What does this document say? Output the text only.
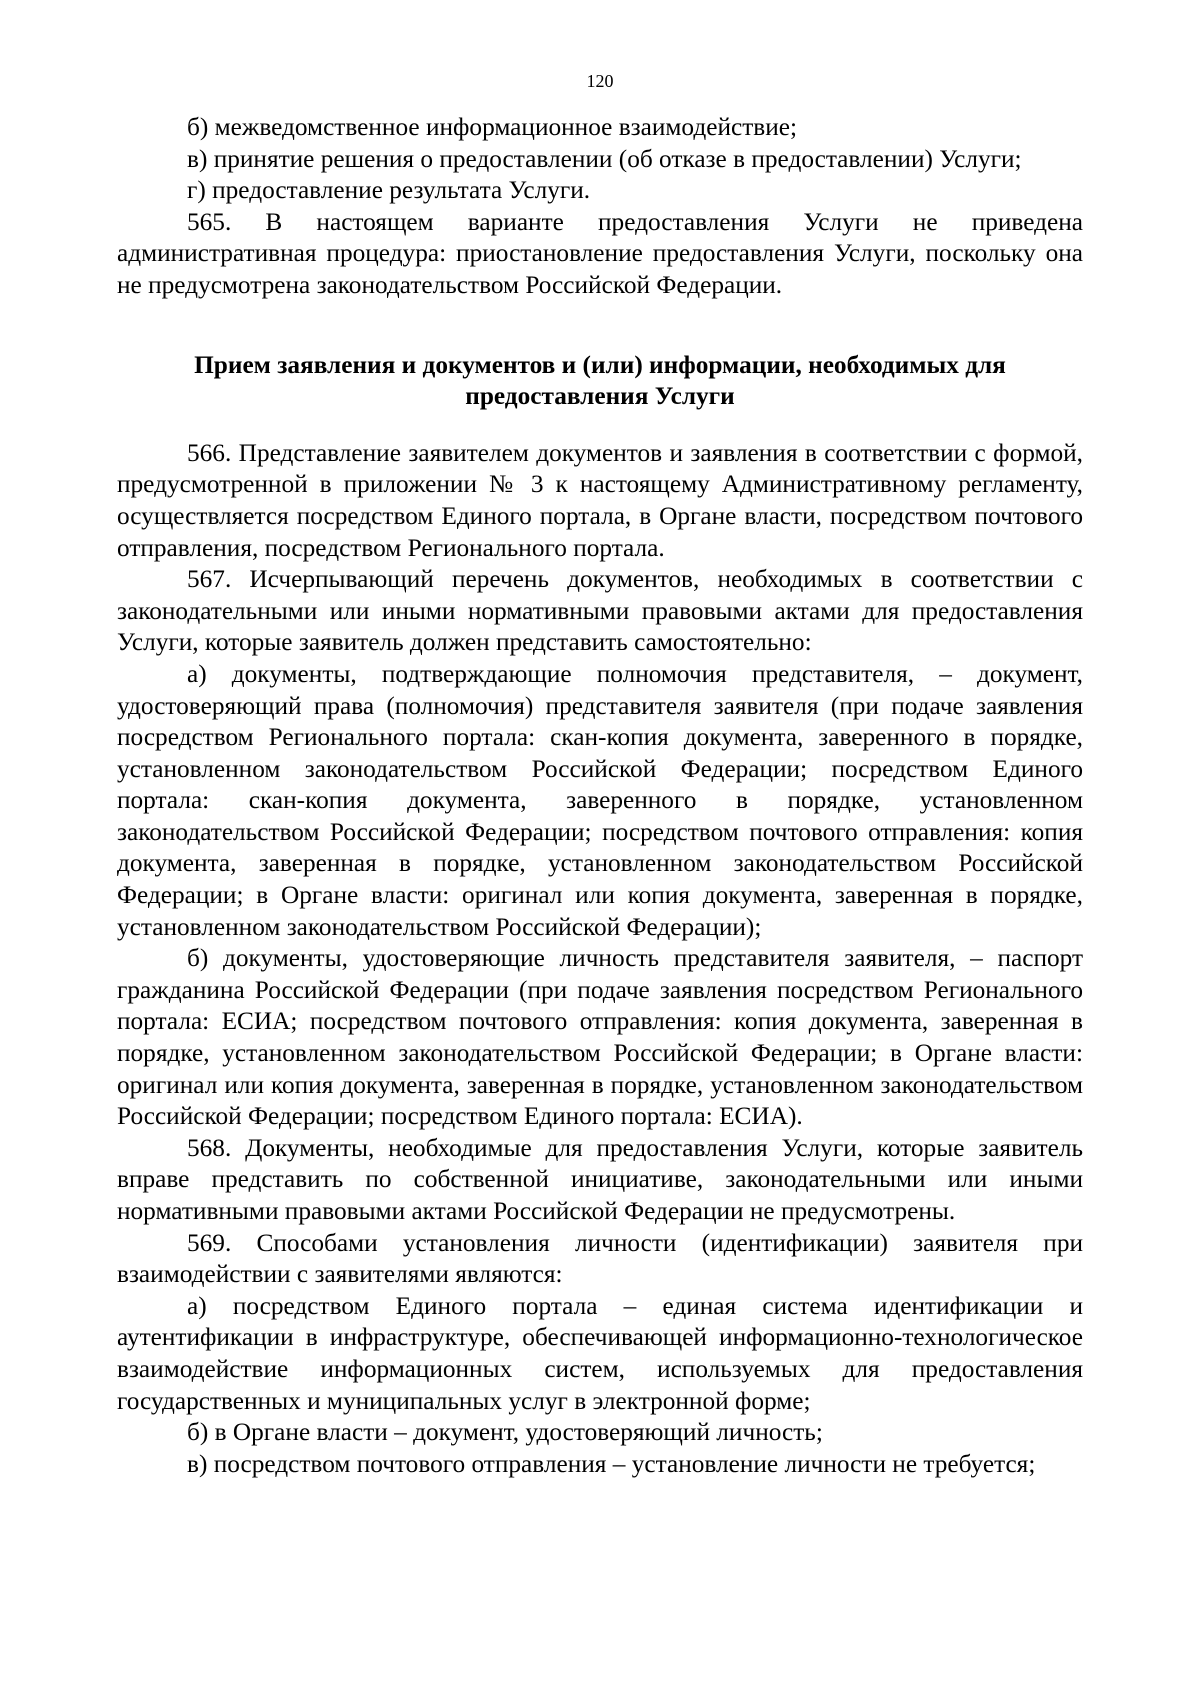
120

б) межведомственное информационное взаимодействие;

в) принятие решения о предоставлении (об отказе в предоставлении) Услуги;

г) предоставление результата Услуги.

565. В настоящем варианте предоставления Услуги не приведена административная процедура: приостановление предоставления Услуги, поскольку она не предусмотрена законодательством Российской Федерации.

Прием заявления и документов и (или) информации, необходимых для
предоставления Услуги

566. Представление заявителем документов и заявления в соответствии с формой, предусмотренной в приложении № 3 к настоящему Административному регламенту, осуществляется посредством Единого портала, в Органе власти, посредством почтового отправления, посредством Регионального портала.

567. Исчерпывающий перечень документов, необходимых в соответствии с законодательными или иными нормативными правовыми актами для предоставления Услуги, которые заявитель должен представить самостоятельно:

а) документы, подтверждающие полномочия представителя, – документ, удостоверяющий права (полномочия) представителя заявителя (при подаче заявления посредством Регионального портала: скан-копия документа, заверенного в порядке, установленном законодательством Российской Федерации; посредством Единого портала: скан-копия документа, заверенного в порядке, установленном законодательством Российской Федерации; посредством почтового отправления: копия документа, заверенная в порядке, установленном законодательством Российской Федерации; в Органе власти: оригинал или копия документа, заверенная в порядке, установленном законодательством Российской Федерации);

б) документы, удостоверяющие личность представителя заявителя, – паспорт гражданина Российской Федерации (при подаче заявления посредством Регионального портала: ЕСИА; посредством почтового отправления: копия документа, заверенная в порядке, установленном законодательством Российской Федерации; в Органе власти: оригинал или копия документа, заверенная в порядке, установленном законодательством Российской Федерации; посредством Единого портала: ЕСИА).

568. Документы, необходимые для предоставления Услуги, которые заявитель вправе представить по собственной инициативе, законодательными или иными нормативными правовыми актами Российской Федерации не предусмотрены.

569. Способами установления личности (идентификации) заявителя при взаимодействии с заявителями являются:

а) посредством Единого портала – единая система идентификации и аутентификации в инфраструктуре, обеспечивающей информационно-технологическое взаимодействие информационных систем, используемых для предоставления государственных и муниципальных услуг в электронной форме;

б) в Органе власти – документ, удостоверяющий личность;

в) посредством почтового отправления – установление личности не требуется;
